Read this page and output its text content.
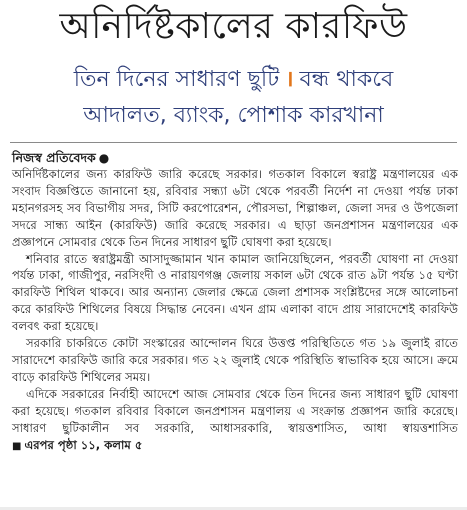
অনির্দিষ্টকালের কারফিউ
তিন দিনের সাধারণ ছুটি । বন্ধ থাকবে
আদালত, ব্যাংক, পোশাক কারখানা
নিজস্ব প্রতিবেদক ●

অনির্দিষ্টকালের জন্য কারফিউ জারি করেছে সরকার। গতকাল বিকালে স্বরাষ্ট্র মন্ত্রণালয়ের এক সংবাদ বিজ্ঞপ্তিতে জানানো হয়, রবিবার সন্ধ্যা ৬টা থেকে পরবর্তী নির্দেশ না দেওয়া পর্যন্ত ঢাকা মহানগরসহ সব বিভাগীয় সদর, সিটি করপোরেশন, পৌরসভা, শিল্পাঞ্চল, জেলা সদর ও উপজেলা সদরে সান্ধ্য আইন (কারফিউ) জারি করেছে সরকার। এ ছাড়া জনপ্রশাসন মন্ত্রণালয়ের এক প্রজ্ঞাপনে সোমবার থেকে তিন দিনের সাধারণ ছুটি ঘোষণা করা হয়েছে।

শনিবার রাতে স্বরাষ্ট্রমন্ত্রী আসাদুজ্জামান খান কামাল জানিয়েছিলেন, পরবর্তী ঘোষণা না দেওয়া পর্যন্ত ঢাকা, গাজীপুর, নরসিংদী ও নারায়ণগঞ্জ জেলায় সকাল ৬টা থেকে রাত ৯টা পর্যন্ত ১৫ ঘণ্টা কারফিউ শিথিল থাকবে। আর অন্যান্য জেলার ক্ষেত্রে জেলা প্রশাসক সংশ্লিষ্টদের সঙ্গে আলোচনা করে কারফিউ শিথিলের বিষয়ে সিদ্ধান্ত নেবেন। এখন গ্রাম এলাকা বাদে প্রায় সারাদেশেই কারফিউ বলবৎ করা হয়েছে।

সরকারি চাকরিতে কোটা সংস্কারের আন্দোলন ঘিরে উত্তপ্ত পরিস্থিতিতে গত ১৯ জুলাই রাতে সারাদেশে কারফিউ জারি করে সরকার। গত ২২ জুলাই থেকে পরিস্থিতি স্বাভাবিক হয়ে আসে। ক্রমে বাড়ে কারফিউ শিথিলের সময়।

এদিকে সরকারের নির্বাহী আদেশে আজ সোমবার থেকে তিন দিনের জন্য সাধারণ ছুটি ঘোষণা করা হয়েছে। গতকাল রবিবার বিকালে জনপ্রশাসন মন্ত্রণালয় এ সংক্রান্ত প্রজ্ঞাপন জারি করেছে। সাধারণ ছুটিকালীন সব সরকারি, আধাসরকারি, স্বায়ত্তশাসিত, আধা স্বায়ত্তশাসিত ■ এরপর পৃষ্ঠা ১১, কলাম ৫
